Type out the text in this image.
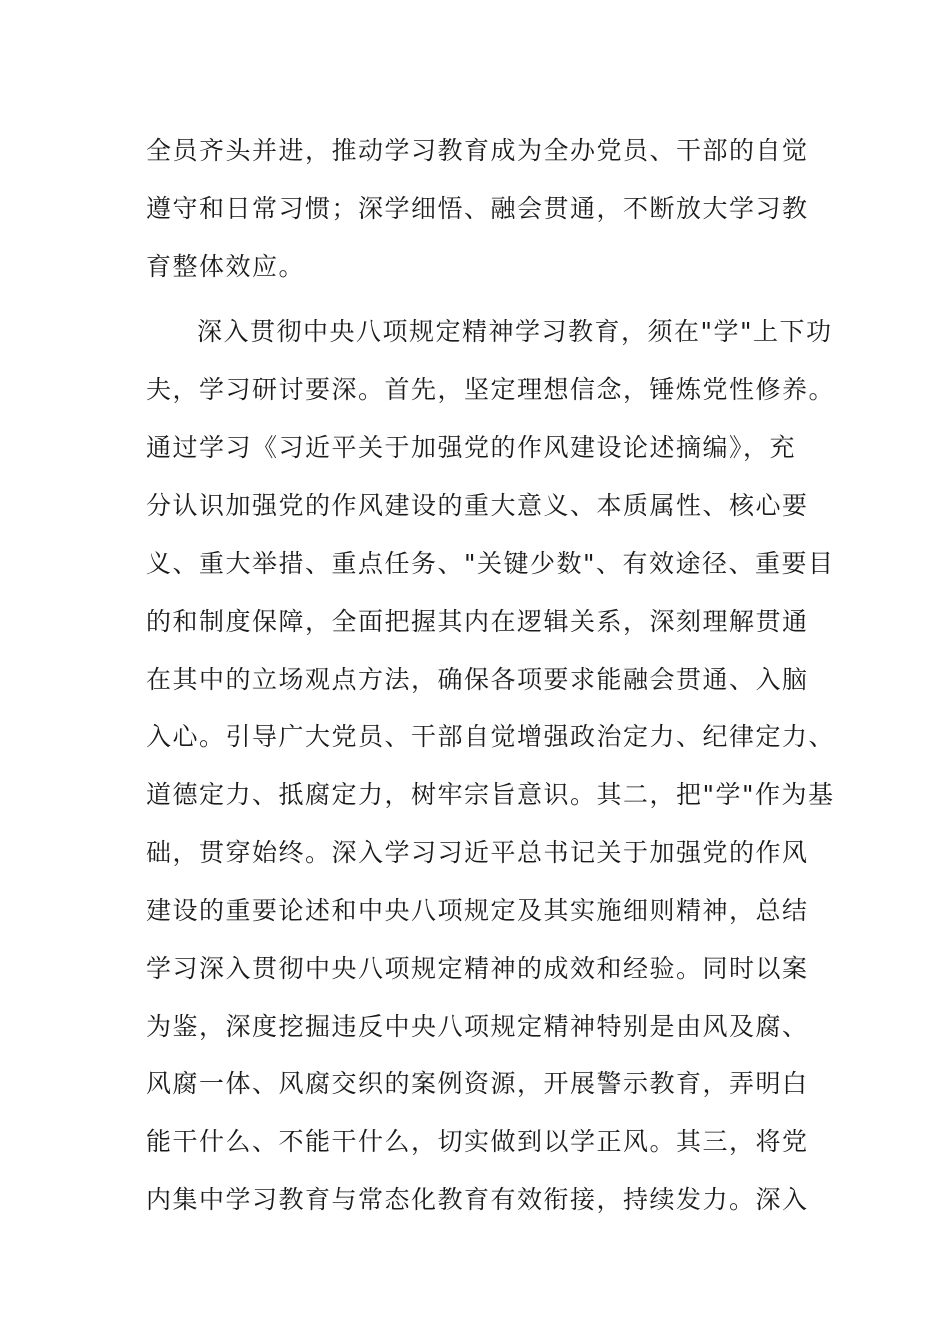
全员齐头并进，推动学习教育成为全办党员、干部的自觉
遵守和日常习惯；深学细悟、融会贯通，不断放大学习教
育整体效应。
深入贯彻中央八项规定精神学习教育，须在"学"上下功
夫，学习研讨要深。首先，坚定理想信念，锤炼党性修养。
通过学习《习近平关于加强党的作风建设论述摘编》，充
分认识加强党的作风建设的重大意义、本质属性、核心要
义、重大举措、重点任务、"关键少数"、有效途径、重要目
的和制度保障，全面把握其内在逻辑关系，深刻理解贯通
在其中的立场观点方法，确保各项要求能融会贯通、入脑
入心。引导广大党员、干部自觉增强政治定力、纪律定力、
道德定力、抵腐定力，树牢宗旨意识。其二，把"学"作为基
础，贯穿始终。深入学习习近平总书记关于加强党的作风
建设的重要论述和中央八项规定及其实施细则精神，总结
学习深入贯彻中央八项规定精神的成效和经验。同时以案
为鉴，深度挖掘违反中央八项规定精神特别是由风及腐、
风腐一体、风腐交织的案例资源，开展警示教育，弄明白
能干什么、不能干什么，切实做到以学正风。其三，将党
内集中学习教育与常态化教育有效衔接，持续发力。深入
